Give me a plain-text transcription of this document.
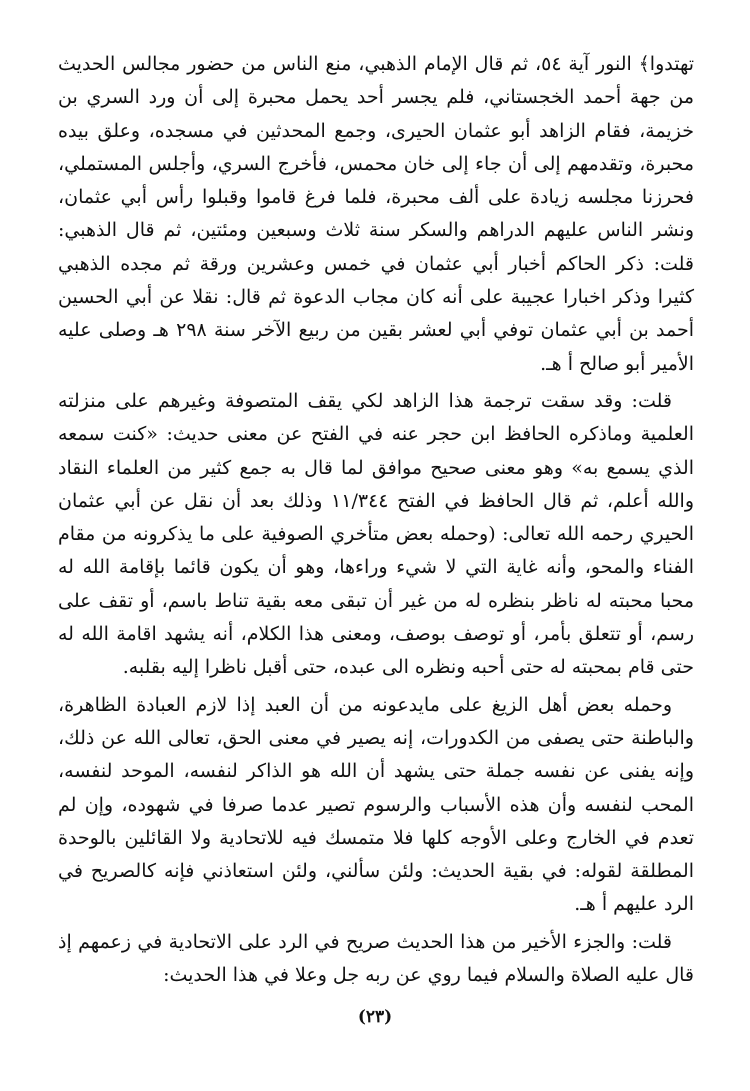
تهتدوا﴾ النور آية ٥٤، ثم قال الإمام الذهبي، منع الناس من حضور مجالس الحديث من جهة أحمد الخجستاني، فلم يجسر أحد يحمل محبرة إلى أن ورد السري بن خزيمة، فقام الزاهد أبو عثمان الحيرى، وجمع المحدثين في مسجده، وعلق بيده محبرة، وتقدمهم إلى أن جاء إلى خان محمس، فأخرج السري، وأجلس المستملي، فحرزنا مجلسه زيادة على ألف محبرة، فلما فرغ قاموا وقبلوا رأس أبي عثمان، ونشر الناس عليهم الدراهم والسكر سنة ثلاث وسبعين ومئتين، ثم قال الذهبي: قلت: ذكر الحاكم أخبار أبي عثمان في خمس وعشرين ورقة ثم مجده الذهبي كثيرا وذكر اخبارا عجيبة على أنه كان مجاب الدعوة ثم قال: نقلا عن أبي الحسين أحمد بن أبي عثمان توفي أبي لعشر بقين من ربيع الآخر سنة ٢٩٨ هـ وصلى عليه الأمير أبو صالح أ هـ.

قلت: وقد سقت ترجمة هذا الزاهد لكي يقف المتصوفة وغيرهم على منزلته العلمية وماذكره الحافظ ابن حجر عنه في الفتح عن معنى حديث: «كنت سمعه الذي يسمع به» وهو معنى صحيح موافق لما قال به جمع كثير من العلماء النقاد والله أعلم، ثم قال الحافظ في الفتح ١١/٣٤٤ وذلك بعد أن نقل عن أبي عثمان الحيري رحمه الله تعالى: (وحمله بعض متأخري الصوفية على ما يذكرونه من مقام الفناء والمحو، وأنه غاية التي لا شيء وراءها، وهو أن يكون قائما بإقامة الله له محبا محبته له ناظر بنظره له من غير أن تبقى معه بقية تناط باسم، أو تقف على رسم، أو تتعلق بأمر، أو توصف بوصف، ومعنى هذا الكلام، أنه يشهد اقامة الله له حتى قام بمحبته له حتى أحبه ونظره الى عبده، حتى أقبل ناظرا إليه بقلبه.

وحمله بعض أهل الزيغ على مايدعونه من أن العبد إذا لازم العبادة الظاهرة، والباطنة حتى يصفى من الكدورات، إنه يصير في معنى الحق، تعالى الله عن ذلك، وإنه يفنى عن نفسه جملة حتى يشهد أن الله هو الذاكر لنفسه، الموحد لنفسه، المحب لنفسه وأن هذه الأسباب والرسوم تصير عدما صرفا في شهوده، وإن لم تعدم في الخارج وعلى الأوجه كلها فلا متمسك فيه للاتحادية ولا القائلين بالوحدة المطلقة لقوله: في بقية الحديث: ولئن سألني، ولئن استعاذني فإنه كالصريح في الرد عليهم أ هـ.

قلت: والجزء الأخير من هذا الحديث صريح في الرد على الاتحادية في زعمهم إذ قال عليه الصلاة والسلام فيما روي عن ربه جل وعلا في هذا الحديث:

(٢٣)
